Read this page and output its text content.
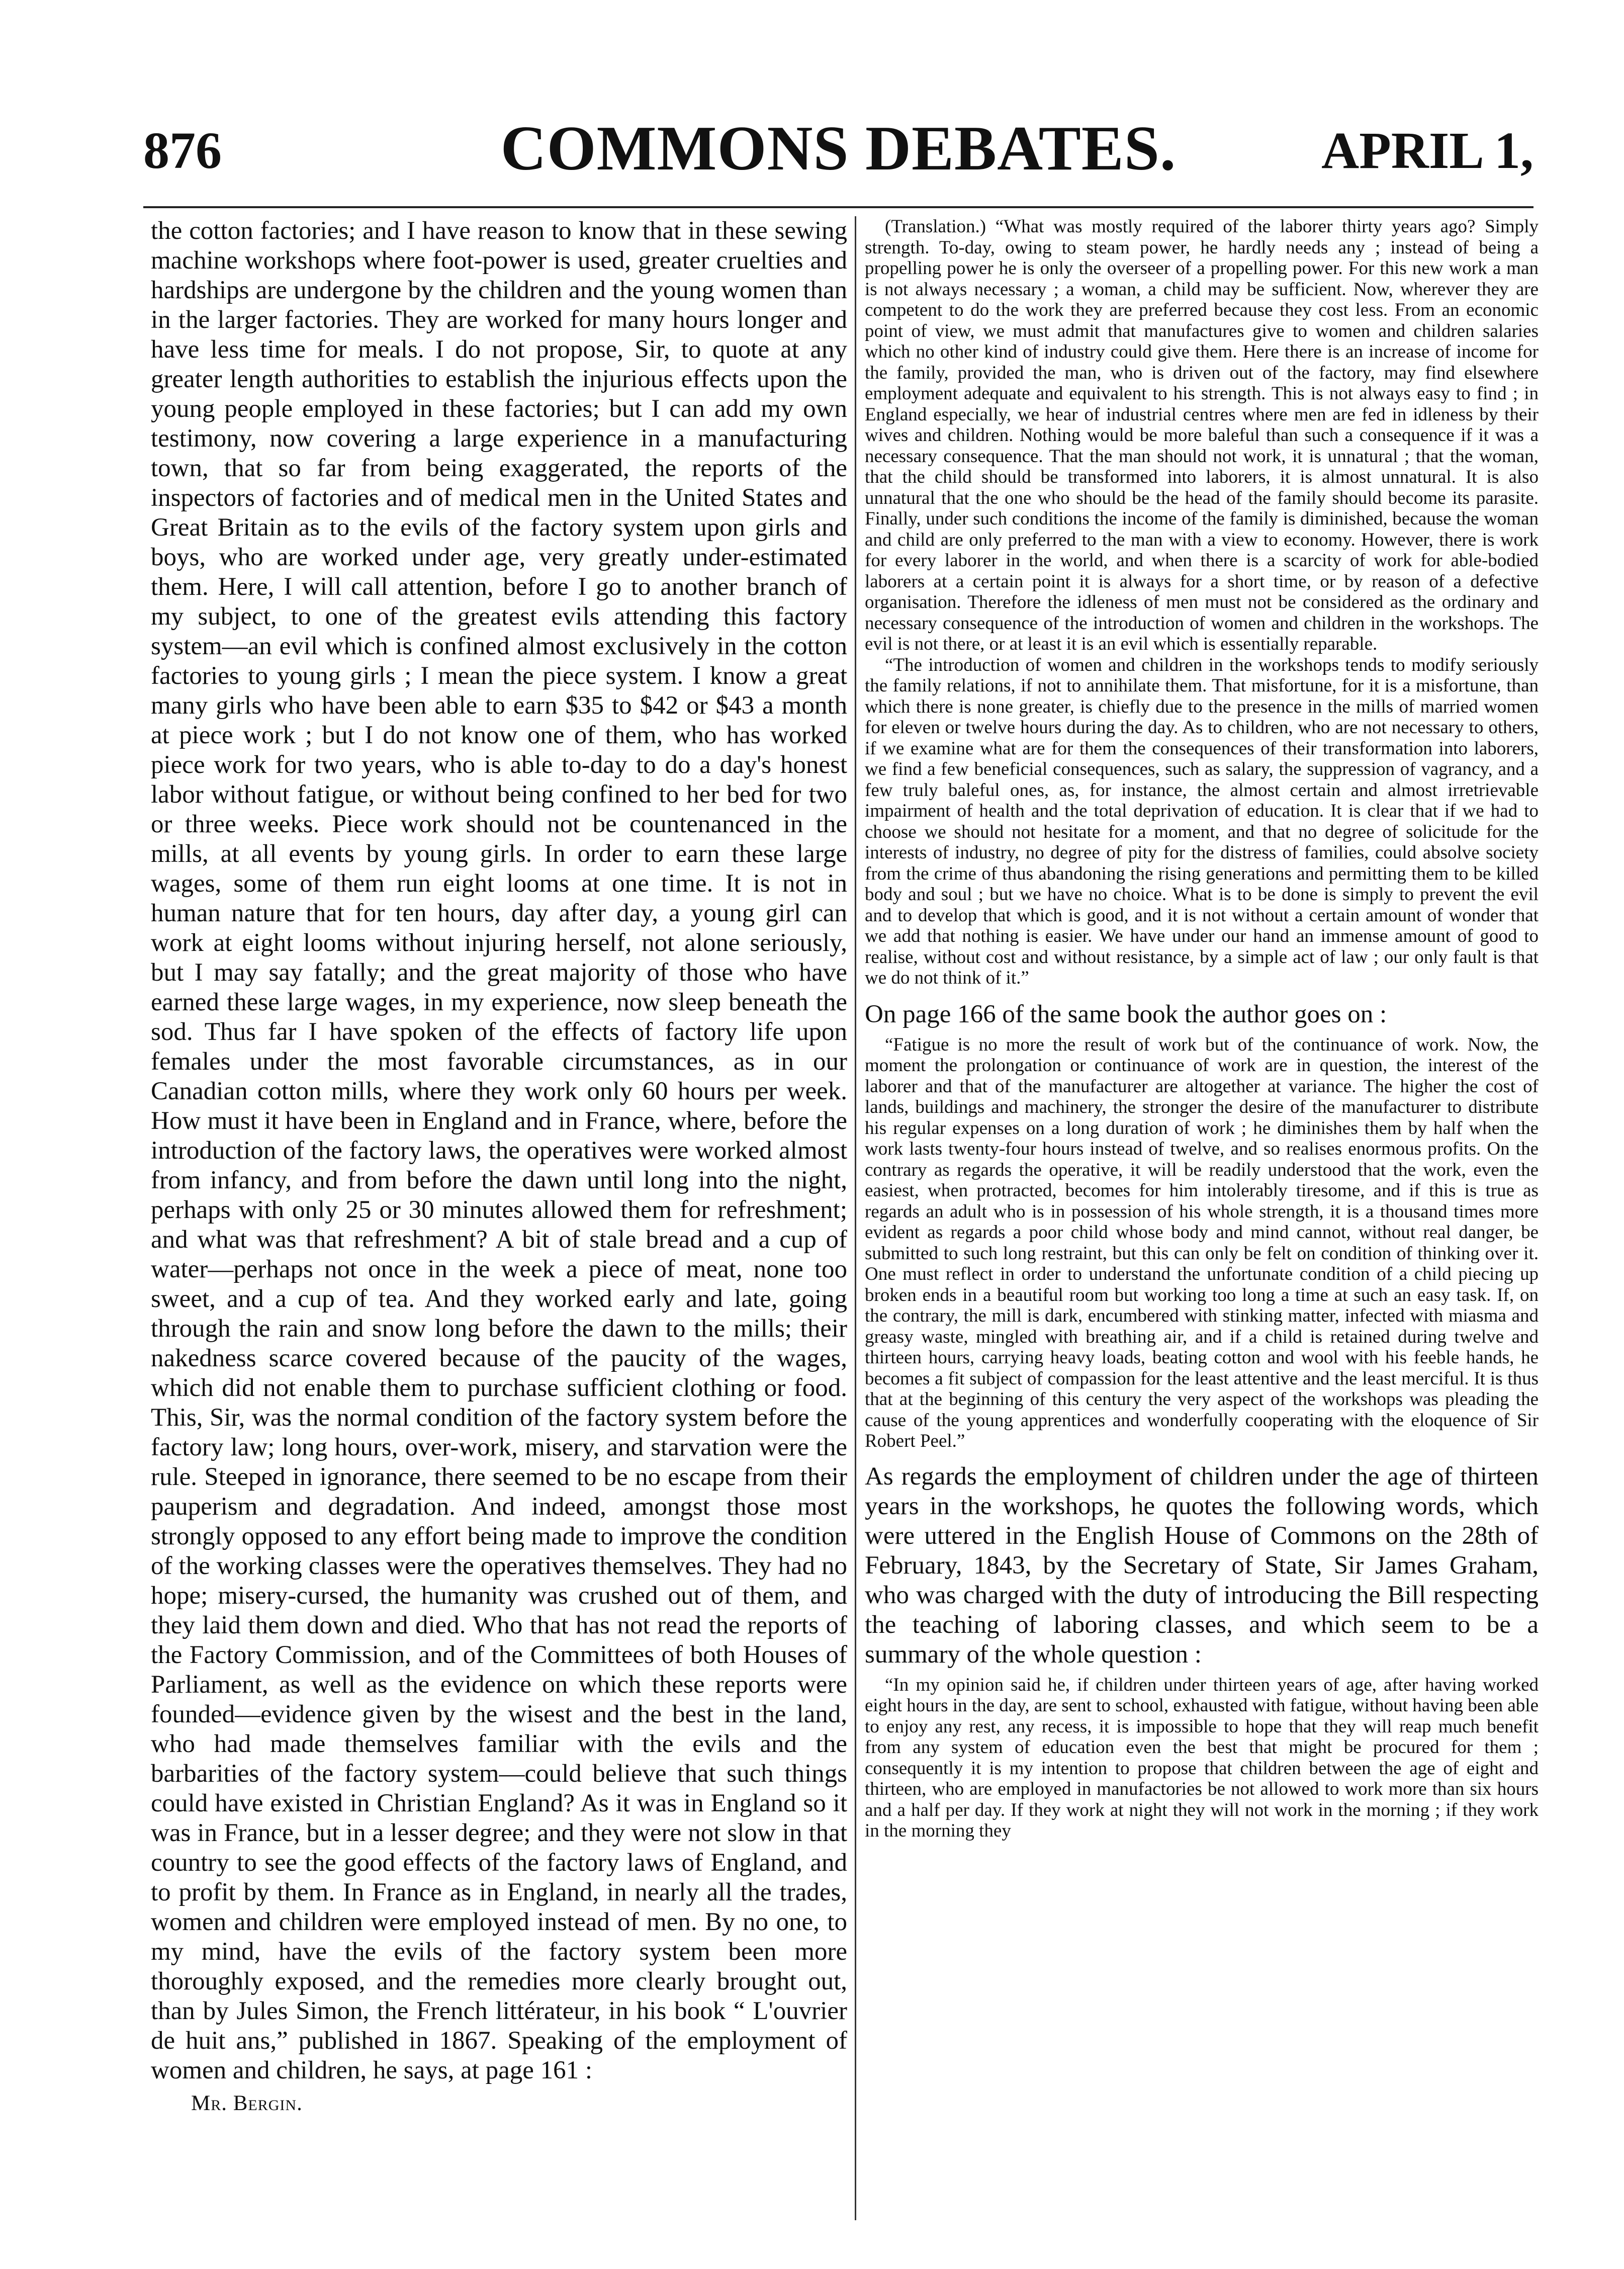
876	COMMONS DEBATES.	APRIL 1,

the cotton factories; and I have reason to know that in these sewing machine workshops where foot-power is used, greater cruelties and hardships are undergone by the children and the young women than in the larger factories. They are worked for many hours longer and have less time for meals. I do not propose, Sir, to quote at any greater length authorities to establish the injurious effects upon the young people employed in these factories; but I can add my own testimony, now covering a large experience in a manufacturing town, that so far from being exaggerated, the reports of the inspectors of factories and of medical men in the United States and Great Britain as to the evils of the factory system upon girls and boys, who are worked under age, very greatly under-estimated them. Here, I will call attention, before I go to another branch of my subject, to one of the greatest evils attending this factory system—an evil which is confined almost exclusively in the cotton factories to young girls ; I mean the piece system. I know a great many girls who have been able to earn $35 to $42 or $43 a month at piece work ; but I do not know one of them, who has worked piece work for two years, who is able to-day to do a day's honest labor without fatigue, or without being confined to her bed for two or three weeks. Piece work should not be countenanced in the mills, at all events by young girls. In order to earn these large wages, some of them run eight looms at one time. It is not in human nature that for ten hours, day after day, a young girl can work at eight looms without injuring herself, not alone seriously, but I may say fatally; and the great majority of those who have earned these large wages, in my experience, now sleep beneath the sod. Thus far I have spoken of the effects of factory life upon females under the most favorable circumstances, as in our Canadian cotton mills, where they work only 60 hours per week. How must it have been in England and in France, where, before the introduction of the factory laws, the operatives were worked almost from infancy, and from before the dawn until long into the night, perhaps with only 25 or 30 minutes allowed them for refreshment; and what was that refreshment? A bit of stale bread and a cup of water—perhaps not once in the week a piece of meat, none too sweet, and a cup of tea. And they worked early and late, going through the rain and snow long before the dawn to the mills; their nakedness scarce covered because of the paucity of the wages, which did not enable them to purchase sufficient clothing or food. This, Sir, was the normal condition of the factory system before the factory law; long hours, over-work, misery, and starvation were the rule. Steeped in ignorance, there seemed to be no escape from their pauperism and degradation. And indeed, amongst those most strongly opposed to any effort being made to improve the condition of the working classes were the operatives themselves. They had no hope; misery-cursed, the humanity was crushed out of them, and they laid them down and died. Who that has not read the reports of the Factory Commission, and of the Committees of both Houses of Parliament, as well as the evidence on which these reports were founded—evidence given by the wisest and the best in the land, who had made themselves familiar with the evils and the barbarities of the factory system—could believe that such things could have existed in Christian England? As it was in England so it was in France, but in a lesser degree; and they were not slow in that country to see the good effects of the factory laws of England, and to profit by them. In France as in England, in nearly all the trades, women and children were employed instead of men. By no one, to my mind, have the evils of the factory system been more thoroughly exposed, and the remedies more clearly brought out, than by Jules Simon, the French littérateur, in his book “ L'ouvrier de huit ans,” published in 1867. Speaking of the employment of women and children, he says, at page 161 :

Mr. Bergin.

(Translation.) “What was mostly required of the laborer thirty years ago? Simply strength. To-day, owing to steam power, he hardly needs any ; instead of being a propelling power he is only the overseer of a propelling power. For this new work a man is not always necessary ; a woman, a child may be sufficient. Now, wherever they are competent to do the work they are preferred because they cost less. From an economic point of view, we must admit that manufactures give to women and children salaries which no other kind of industry could give them. Here there is an increase of income for the family, provided the man, who is driven out of the factory, may find elsewhere employment adequate and equivalent to his strength. This is not always easy to find ; in England especially, we hear of industrial centres where men are fed in idleness by their wives and children. Nothing would be more baleful than such a consequence if it was a necessary consequence. That the man should not work, it is unnatural ; that the woman, that the child should be transformed into laborers, it is almost unnatural. It is also unnatural that the one who should be the head of the family should become its parasite. Finally, under such conditions the income of the family is diminished, because the woman and child are only preferred to the man with a view to economy. However, there is work for every laborer in the world, and when there is a scarcity of work for able-bodied laborers at a certain point it is always for a short time, or by reason of a defective organisation. Therefore the idleness of men must not be considered as the ordinary and necessary consequence of the introduction of women and children in the workshops. The evil is not there, or at least it is an evil which is essentially reparable.

“The introduction of women and children in the workshops tends to modify seriously the family relations, if not to annihilate them. That misfortune, for it is a misfortune, than which there is none greater, is chiefly due to the presence in the mills of married women for eleven or twelve hours during the day. As to children, who are not necessary to others, if we examine what are for them the consequences of their transformation into laborers, we find a few beneficial consequences, such as salary, the suppression of vagrancy, and a few truly baleful ones, as, for instance, the almost certain and almost irretrievable impairment of health and the total deprivation of education. It is clear that if we had to choose we should not hesitate for a moment, and that no degree of solicitude for the interests of industry, no degree of pity for the distress of families, could absolve society from the crime of thus abandoning the rising generations and permitting them to be killed body and soul ; but we have no choice. What is to be done is simply to prevent the evil and to develop that which is good, and it is not without a certain amount of wonder that we add that nothing is easier. We have under our hand an immense amount of good to realise, without cost and without resistance, by a simple act of law ; our only fault is that we do not think of it.”

On page 166 of the same book the author goes on :

“Fatigue is no more the result of work but of the continuance of work. Now, the moment the prolongation or continuance of work are in question, the interest of the laborer and that of the manufacturer are altogether at variance. The higher the cost of lands, buildings and machinery, the stronger the desire of the manufacturer to distribute his regular expenses on a long duration of work ; he diminishes them by half when the work lasts twenty-four hours instead of twelve, and so realises enormous profits. On the contrary as regards the operative, it will be readily understood that the work, even the easiest, when protracted, becomes for him intolerably tiresome, and if this is true as regards an adult who is in possession of his whole strength, it is a thousand times more evident as regards a poor child whose body and mind cannot, without real danger, be submitted to such long restraint, but this can only be felt on condition of thinking over it. One must reflect in order to understand the unfortunate condition of a child piecing up broken ends in a beautiful room but working too long a time at such an easy task. If, on the contrary, the mill is dark, encumbered with stinking matter, infected with miasma and greasy waste, mingled with breathing air, and if a child is retained during twelve and thirteen hours, carrying heavy loads, beating cotton and wool with his feeble hands, he becomes a fit subject of compassion for the least attentive and the least merciful. It is thus that at the beginning of this century the very aspect of the workshops was pleading the cause of the young apprentices and wonderfully cooperating with the eloquence of Sir Robert Peel.”

As regards the employment of children under the age of thirteen years in the workshops, he quotes the following words, which were uttered in the English House of Commons on the 28th of February, 1843, by the Secretary of State, Sir James Graham, who was charged with the duty of introducing the Bill respecting the teaching of laboring classes, and which seem to be a summary of the whole question :

“In my opinion said he, if children under thirteen years of age, after having worked eight hours in the day, are sent to school, exhausted with fatigue, without having been able to enjoy any rest, any recess, it is impossible to hope that they will reap much benefit from any system of education even the best that might be procured for them ; consequently it is my intention to propose that children between the age of eight and thirteen, who are employed in manufactories be not allowed to work more than six hours and a half per day. If they work at night they will not work in the morning ; if they work in the morning they
